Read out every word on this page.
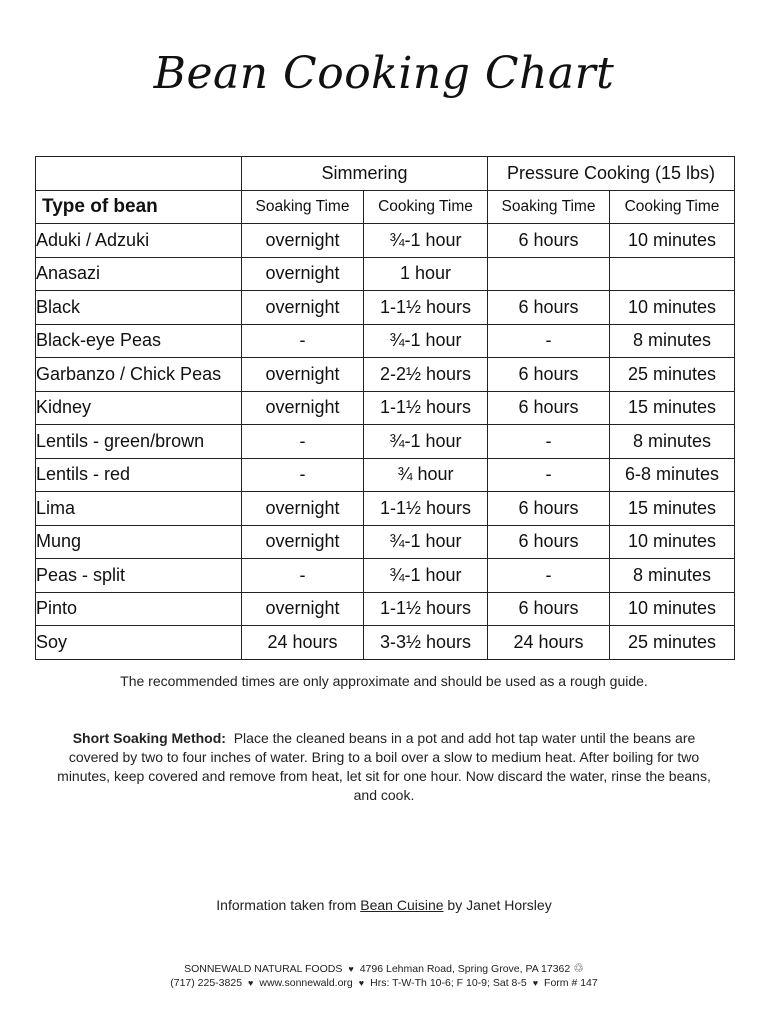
Bean Cooking Chart
	Simmering		Pressure Cooking (15 lbs)	
Type of bean	Soaking Time	Cooking Time	Soaking Time	Cooking Time
Aduki / Adzuki	overnight	¾-1 hour	6 hours	10 minutes
Anasazi	overnight	1 hour		
Black	overnight	1-1½ hours	6 hours	10 minutes
Black-eye Peas	-	¾-1 hour	-	8 minutes
Garbanzo / Chick Peas	overnight	2-2½ hours	6 hours	25 minutes
Kidney	overnight	1-1½ hours	6 hours	15 minutes
Lentils - green/brown	-	¾-1 hour	-	8 minutes
Lentils - red	-	¾ hour	-	6-8 minutes
Lima	overnight	1-1½ hours	6 hours	15 minutes
Mung	overnight	¾-1 hour	6 hours	10 minutes
Peas - split	-	¾-1 hour	-	8 minutes
Pinto	overnight	1-1½ hours	6 hours	10 minutes
Soy	24 hours	3-3½ hours	24 hours	25 minutes
The recommended times are only approximate and should be used as a rough guide.
Short Soaking Method: Place the cleaned beans in a pot and add hot tap water until the beans are covered by two to four inches of water. Bring to a boil over a slow to medium heat. After boiling for two minutes, keep covered and remove from heat, let sit for one hour. Now discard the water, rinse the beans, and cook.
Information taken from Bean Cuisine by Janet Horsley
SONNEWALD NATURAL FOODS ♥ 4796 Lehman Road, Spring Grove, PA 17362 ♲
(717) 225-3825 ♥ www.sonnewald.org ♥ Hrs: T-W-Th 10-6; F 10-9; Sat 8-5 ♥ Form # 147
